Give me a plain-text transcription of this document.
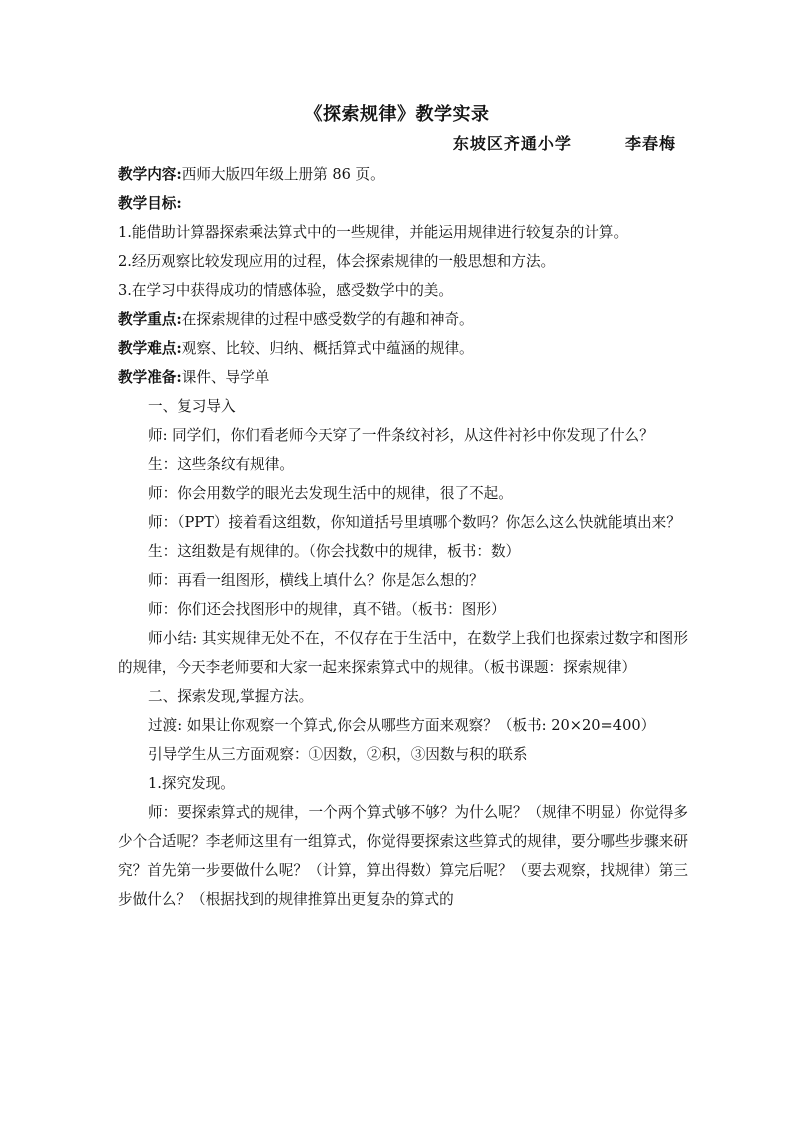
《探索规律》教学实录
东坡区齐通小学     李春梅

教学内容:西师大版四年级上册第 86 页。

教学目标:

1.能借助计算器探索乘法算式中的一些规律，并能运用规律进行较复杂的计算。

2.经历观察比较发现应用的过程，体会探索规律的一般思想和方法。

3.在学习中获得成功的情感体验，感受数学中的美。

教学重点:在探索规律的过程中感受数学的有趣和神奇。

教学难点:观察、比较、归纳、概括算式中蕴涵的规律。

教学准备:课件、导学单

一、复习导入

师: 同学们，你们看老师今天穿了一件条纹衬衫，从这件衬衫中你发现了什么？

生：这些条纹有规律。

师：你会用数学的眼光去发现生活中的规律，很了不起。

师：（PPT）接着看这组数，你知道括号里填哪个数吗？你怎么这么快就能填出来？

生：这组数是有规律的。（你会找数中的规律，板书：数）

师：再看一组图形，横线上填什么？你是怎么想的？

师：你们还会找图形中的规律，真不错。（板书：图形）

师小结: 其实规律无处不在，不仅存在于生活中，在数学上我们也探索过数字和图形的规律，今天李老师要和大家一起来探索算式中的规律。（板书课题：探索规律）

二、探索发现,掌握方法。

过渡: 如果让你观察一个算式,你会从哪些方面来观察？（板书: 20×20=400）

引导学生从三方面观察：①因数，②积，③因数与积的联系

1.探究发现。

师：要探索算式的规律，一个两个算式够不够？为什么呢？（规律不明显）你觉得多少个合适呢？李老师这里有一组算式，你觉得要探索这些算式的规律，要分哪些步骤来研究？首先第一步要做什么呢？（计算，算出得数）算完后呢？（要去观察，找规律）第三步做什么？（根据找到的规律推算出更复杂的算式的
